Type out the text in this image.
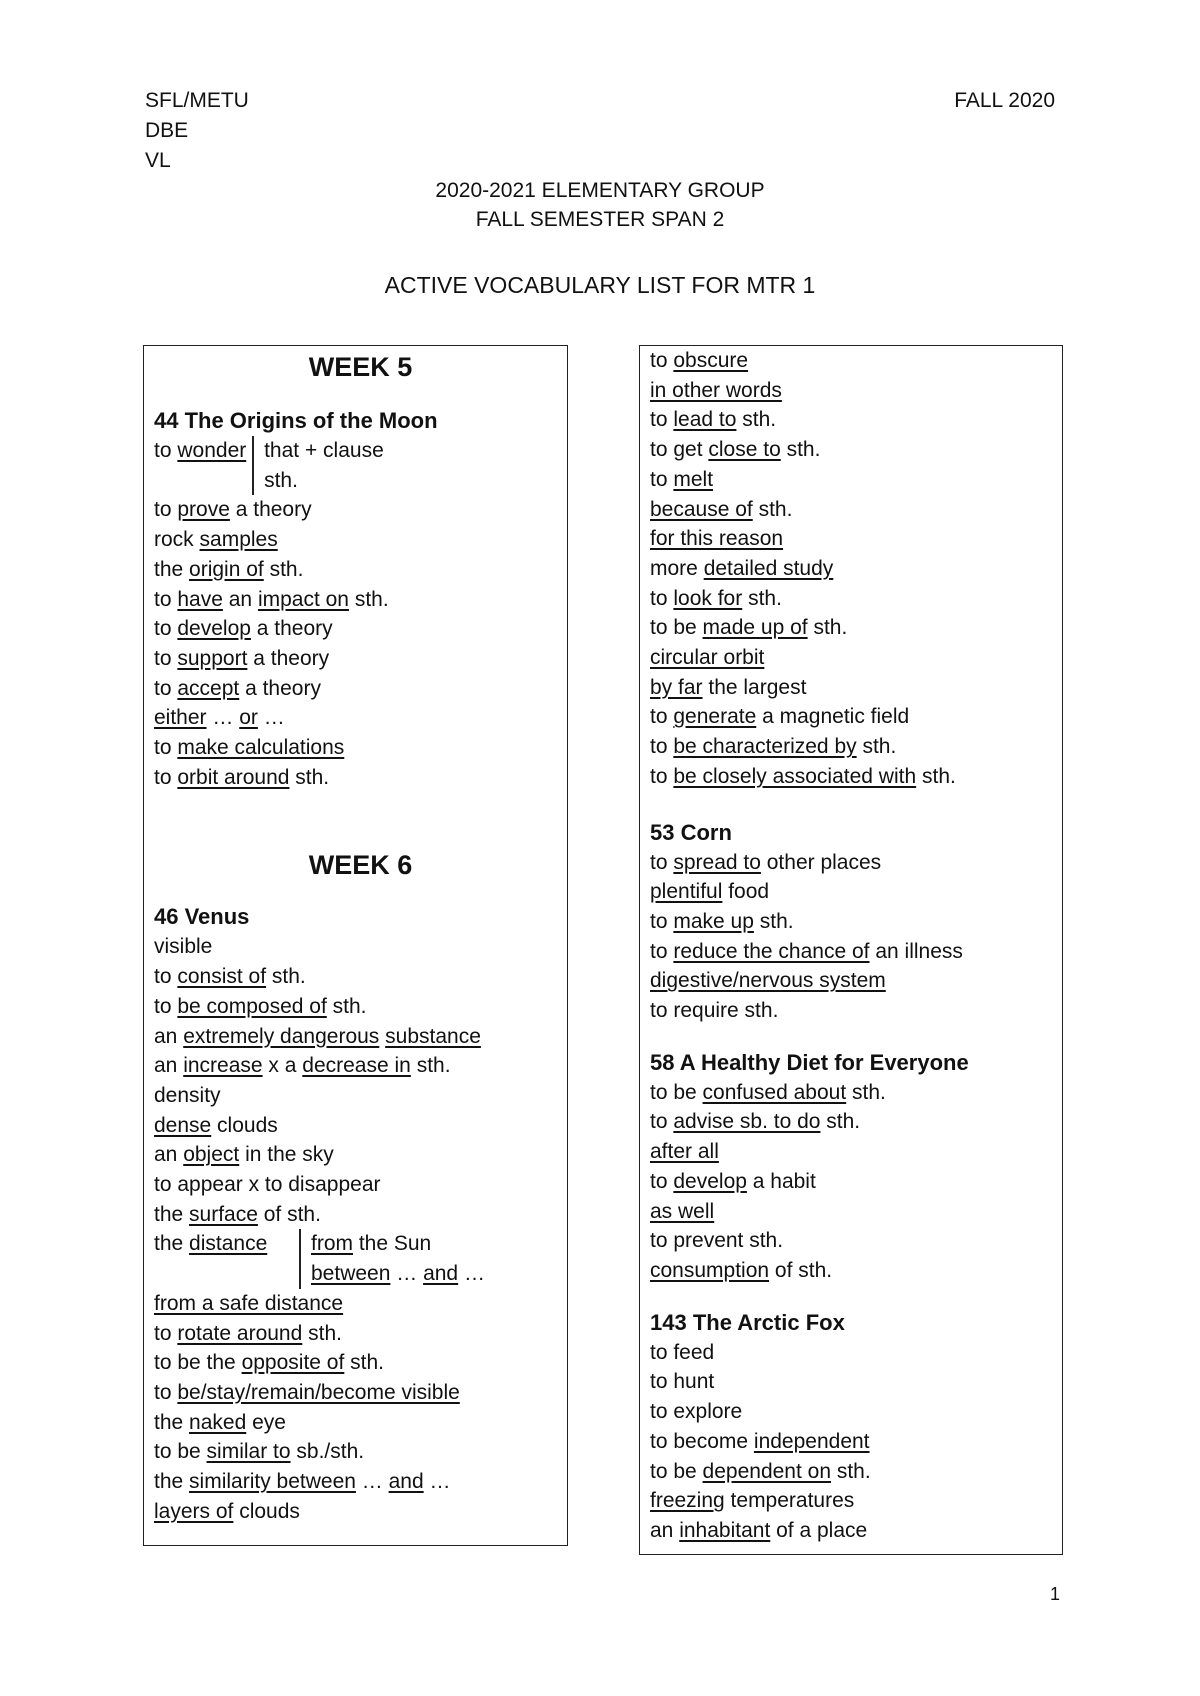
SFL/METU
DBE
VL
FALL 2020
2020-2021 ELEMENTARY GROUP
FALL SEMESTER SPAN 2
ACTIVE VOCABULARY LIST FOR MTR 1
WEEK 5
44 The Origins of the Moon
to wonder that + clause
sth.
to prove a theory
rock samples
the origin of sth.
to have an impact on sth.
to develop a theory
to support a theory
to accept a theory
either … or …
to make calculations
to orbit around sth.
WEEK 6
46 Venus
visible
to consist of sth.
to be composed of sth.
an extremely dangerous substance
an increase x a decrease in sth.
density
dense clouds
an object in the sky
to appear x to disappear
the surface of sth.
the distance	from the Sun
between … and …
from a safe distance
to rotate around sth.
to be the opposite of sth.
to be/stay/remain/become visible
the naked eye
to be similar to sb./sth.
the similarity between … and …
layers of clouds
to obscure
in other words
to lead to sth.
to get close to sth.
to melt
because of sth.
for this reason
more detailed study
to look for sth.
to be made up of sth.
circular orbit
by far the largest
to generate a magnetic field
to be characterized by sth.
to be closely associated with sth.
53 Corn
to spread to other places
plentiful food
to make up sth.
to reduce the chance of an illness
digestive/nervous system
to require sth.
58 A Healthy Diet for Everyone
to be confused about sth.
to advise sb. to do sth.
after all
to develop a habit
as well
to prevent sth.
consumption of sth.
143 The Arctic Fox
to feed
to hunt
to explore
to become independent
to be dependent on sth.
freezing temperatures
an inhabitant of a place
1
